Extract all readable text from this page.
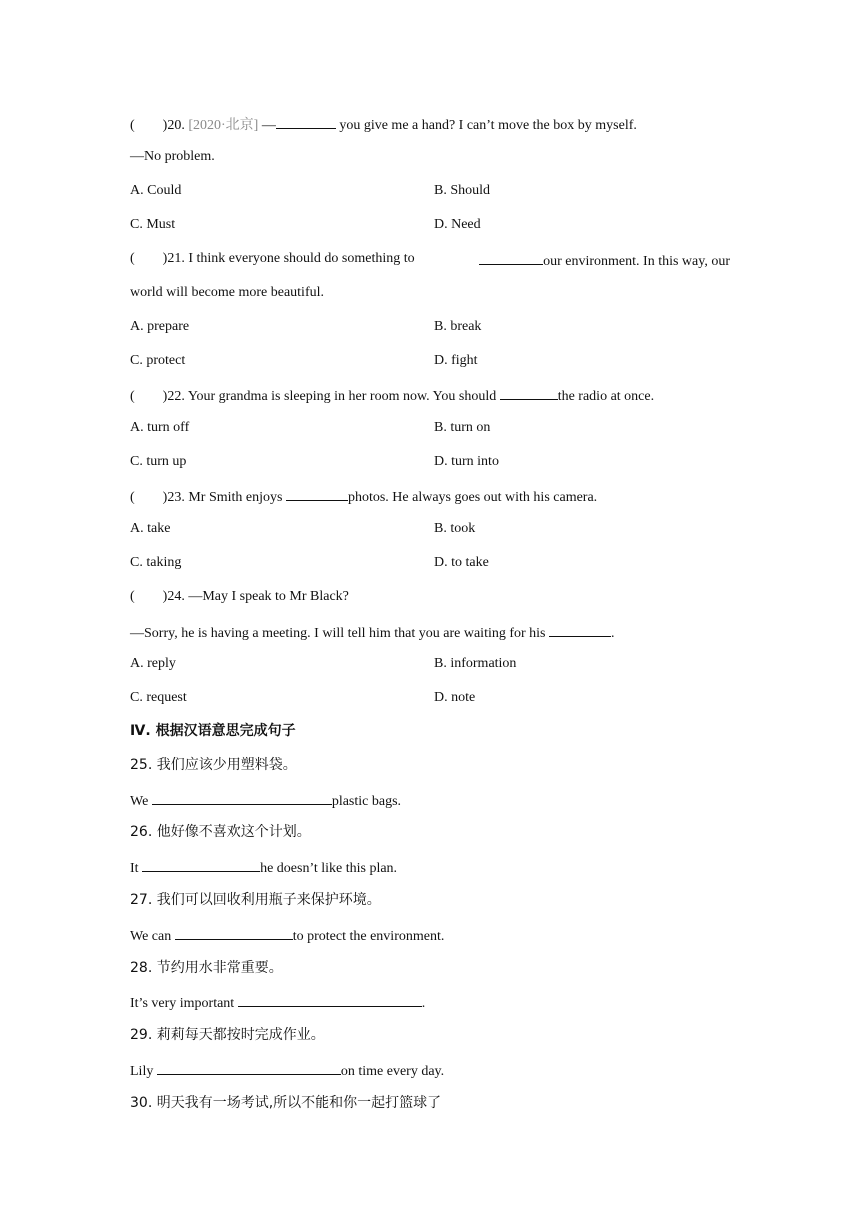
(        )20. [2020·北京] —	you give me a hand? I can’t move the box by myself.
—No problem.
A. Could	B. Should
C. Must	D. Need
(        )21. I think everyone should do something to	our environment. In this way, our
world will become more beautiful.
A. prepare	B. break
C. protect	D. fight
(        )22. Your grandma is sleeping in her room now. You should	the radio at once.
A. turn off	B. turn on
C. turn up	D. turn into
(        )23. Mr Smith enjoys	photos. He always goes out with his camera.
A. take	B. took
C. taking	D. to take
(        )24. —May I speak to Mr Black?
—Sorry, he is having a meeting. I will tell him that you are waiting for his	.
A. reply	B. information
C. request	D. note
Ⅳ. 根据汉语意思完成句子
25. 我们应该少用塑料袋。
We	plastic bags.
26. 他好像不喜欢这个计划。
It	he doesn’t like this plan.
27. 我们可以回收利用瓶子来保护环境。
We can	to protect the environment.
28. 节约用水非常重要。
It’s very important	.
29. 莉莉每天都按时完成作业。
Lily	on time every day.
30. 明天我有一场考试,所以不能和你一起打篮球了
